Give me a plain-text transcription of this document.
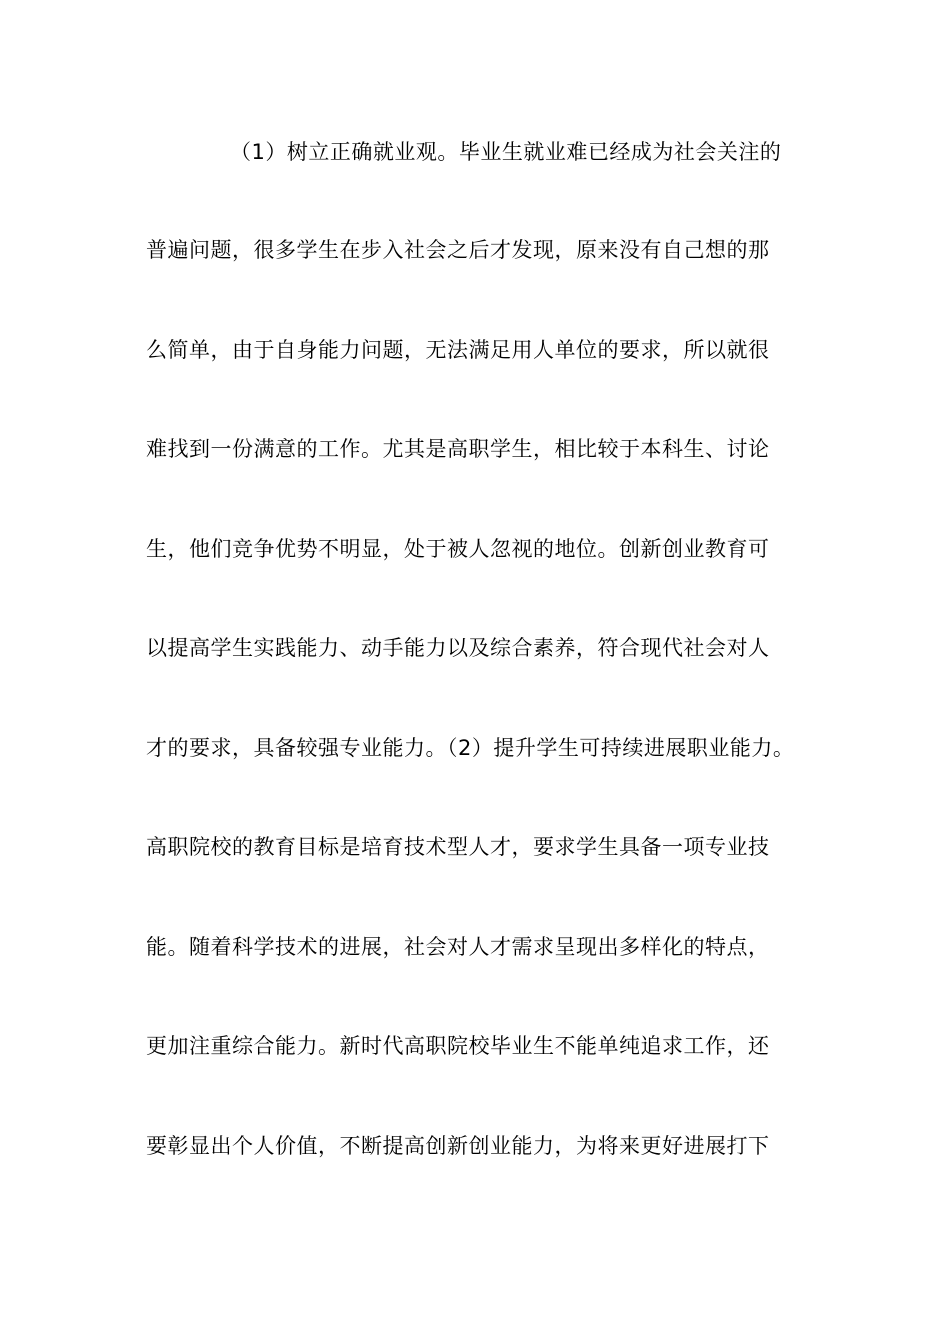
（1）树立正确就业观。毕业生就业难已经成为社会关注的

普遍问题，很多学生在步入社会之后才发现，原来没有自己想的那

么简单，由于自身能力问题，无法满足用人单位的要求，所以就很

难找到一份满意的工作。尤其是高职学生，相比较于本科生、讨论

生，他们竞争优势不明显，处于被人忽视的地位。创新创业教育可

以提高学生实践能力、动手能力以及综合素养，符合现代社会对人

才的要求，具备较强专业能力。（2）提升学生可持续进展职业能力。

高职院校的教育目标是培育技术型人才，要求学生具备一项专业技

能。随着科学技术的进展，社会对人才需求呈现出多样化的特点，

更加注重综合能力。新时代高职院校毕业生不能单纯追求工作，还

要彰显出个人价值，不断提高创新创业能力，为将来更好进展打下
